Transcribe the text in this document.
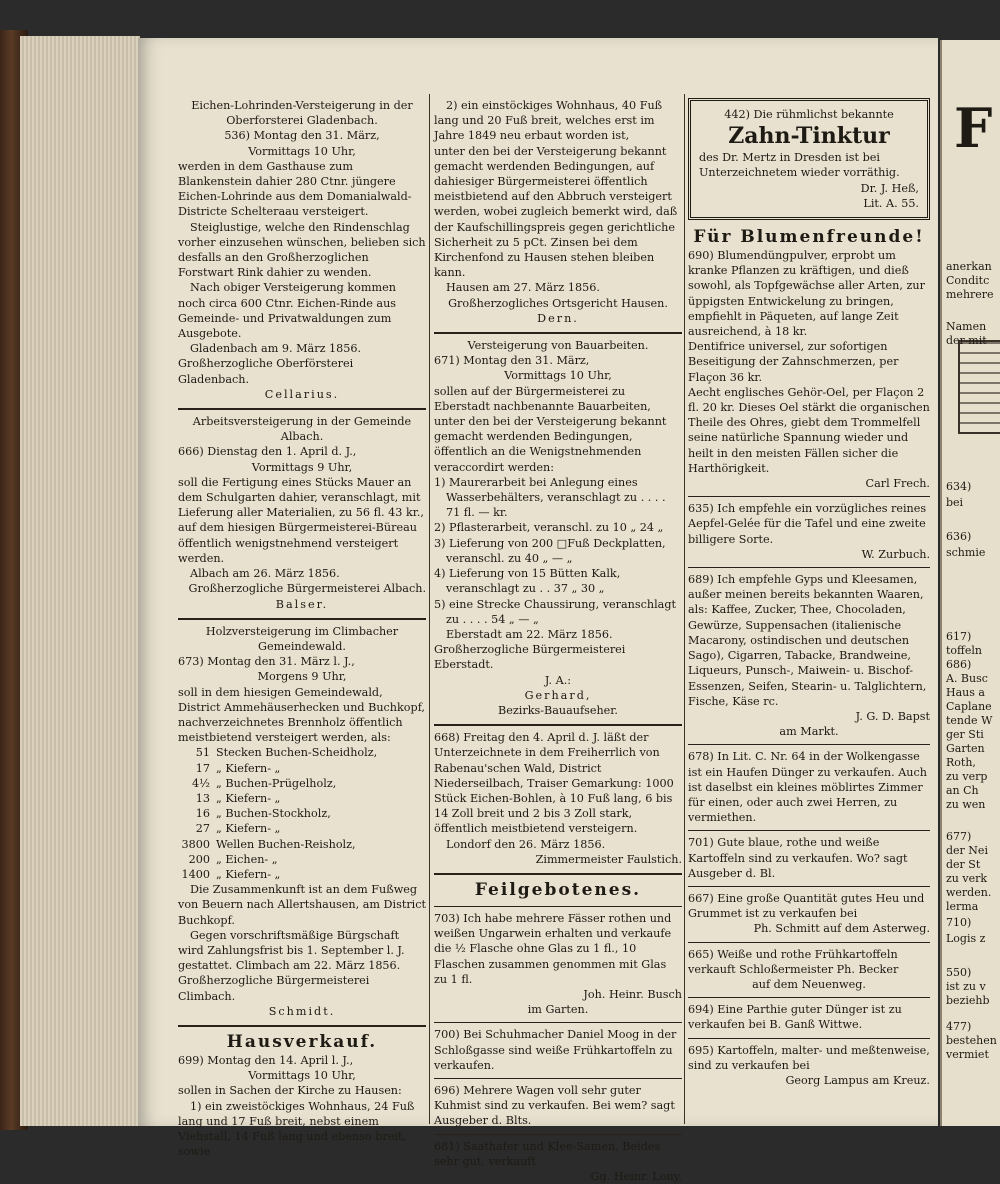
Eichen-Lohrinden-Versteigerung in der Oberforsterei Gladenbach.

536) Montag den 31. März,

Vormittags 10 Uhr,

werden in dem Gasthause zum Blankenstein dahier 280 Ctnr. jüngere Eichen-Lohrinde aus dem Domanialwald-Districte Schelteraau versteigert.

Steiglustige, welche den Rindenschlag vorher einzusehen wünschen, belieben sich desfalls an den Großherzoglichen Forstwart Rink dahier zu wenden.

Nach obiger Versteigerung kommen noch circa 600 Ctnr. Eichen-Rinde aus Gemeinde- und Privatwaldungen zum Ausgebote.

Gladenbach am 9. März 1856.

Großherzogliche Oberförsterei Gladenbach.

Cellarius.

Arbeitsversteigerung in der Gemeinde Albach.

666) Dienstag den 1. April d. J.,

Vormittags 9 Uhr,

soll die Fertigung eines Stücks Mauer an dem Schulgarten dahier, veranschlagt, mit Lieferung aller Materialien, zu 56 fl. 43 kr., auf dem hiesigen Bürgermeisterei-Büreau öffentlich wenigstnehmend versteigert werden.

Albach am 26. März 1856.

Großherzogliche Bürgermeisterei Albach.

Balser.

Holzversteigerung im Climbacher Gemeindewald.

673) Montag den 31. März l. J.,

Morgens 9 Uhr,

soll in dem hiesigen Gemeindewald, District Ammehäuserhecken und Buchkopf, nachverzeichnetes Brennholz öffentlich meistbietend versteigert werden, als:

51 Stecken Buchen-Scheidholz,
17 „ Kiefern- „
4½ „ Buchen-Prügelholz,
13 „ Kiefern- „
16 „ Buchen-Stockholz,
27 „ Kiefern- „
3800 Wellen Buchen-Reisholz,
200 „ Eichen- „
1400 „ Kiefern- „

Die Zusammenkunft ist an dem Fußweg von Beuern nach Allertshausen, am District Buchkopf.

Gegen vorschriftsmäßige Bürgschaft wird Zahlungsfrist bis 1. September l. J. gestattet. Climbach am 22. März 1856.

Großherzogliche Bürgermeisterei Climbach.

Schmidt.

Hausverkauf.

699) Montag den 14. April l. J.,

Vormittags 10 Uhr,

sollen in Sachen der Kirche zu Hausen:

1) ein zweistöckiges Wohnhaus, 24 Fuß lang und 17 Fuß breit, nebst einem Viehstall, 14 Fuß lang und ebenso breit, sowie

2) ein einstöckiges Wohnhaus, 40 Fuß lang und 20 Fuß breit, welches erst im Jahre 1849 neu erbaut worden ist,

unter den bei der Versteigerung bekannt gemacht werdenden Bedingungen, auf dahiesiger Bürgermeisterei öffentlich meistbietend auf den Abbruch versteigert werden, wobei zugleich bemerkt wird, daß der Kaufschillingspreis gegen gerichtliche Sicherheit zu 5 pCt. Zinsen bei dem Kirchenfond zu Hausen stehen bleiben kann.

Hausen am 27. März 1856.

Großherzogliches Ortsgericht Hausen.

Dern.

Versteigerung von Bauarbeiten.

671) Montag den 31. März,

Vormittags 10 Uhr,

sollen auf der Bürgermeisterei zu Eberstadt nachbenannte Bauarbeiten, unter den bei der Versteigerung bekannt gemacht werdenden Bedingungen, öffentlich an die Wenigstnehmenden veraccordirt werden:

1) Maurerarbeit bei Anlegung eines Wasserbehälters, veranschlagt zu . . . . 71 fl. — kr.

2) Pflasterarbeit, veranschl. zu 10 „ 24 „

3) Lieferung von 200 □Fuß Deckplatten, veranschl. zu 40 „ — „

4) Lieferung von 15 Bütten Kalk, veranschlagt zu . . 37 „ 30 „

5) eine Strecke Chaussirung, veranschlagt zu . . . . 54 „ — „

Eberstadt am 22. März 1856.

Großherzogliche Bürgermeisterei Eberstadt.

J. A.:

Gerhard,

Bezirks-Bauaufseher.

668) Freitag den 4. April d. J. läßt der Unterzeichnete in dem Freiherrlich von Rabenau'schen Wald, District Niederseilbach, Traiser Gemarkung: 1000 Stück Eichen-Bohlen, à 10 Fuß lang, 6 bis 14 Zoll breit und 2 bis 3 Zoll stark, öffentlich meistbietend versteigern.

Londorf den 26. März 1856.

Zimmermeister Faulstich.

Feilgebotenes.

703) Ich habe mehrere Fässer rothen und weißen Ungarwein erhalten und verkaufe die ½ Flasche ohne Glas zu 1 fl., 10 Flaschen zusammen genommen mit Glas zu 1 fl.

Joh. Heinr. Busch

im Garten.

700) Bei Schuhmacher Daniel Moog in der Schloßgasse sind weiße Frühkartoffeln zu verkaufen.

696) Mehrere Wagen voll sehr guter Kuhmist sind zu verkaufen. Bei wem? sagt Ausgeber d. Blts.

681) Saathafer und Klee-Samen, Beides sehr gut, verkauft

Gg. Heinr. Lony.

442) Die rühmlichst bekannte

Zahn-Tinktur

des Dr. Mertz in Dresden ist bei Unterzeichnetem wieder vorräthig.

Dr. J. Heß,

Lit. A. 55.

Für Blumenfreunde!

690) Blumendüngpulver, erprobt um kranke Pflanzen zu kräftigen, und dieß sowohl, als Topfgewächse aller Arten, zur üppigsten Entwickelung zu bringen, empfiehlt in Päqueten, auf lange Zeit ausreichend, à 18 kr.

Dentifrice universel, zur sofortigen Beseitigung der Zahnschmerzen, per Flaçon 36 kr.

Aecht englisches Gehör-Oel, per Flaçon 2 fl. 20 kr. Dieses Oel stärkt die organischen Theile des Ohres, giebt dem Trommelfell seine natürliche Spannung wieder und heilt in den meisten Fällen sicher die Harthörigkeit.

Carl Frech.

635) Ich empfehle ein vorzügliches reines Aepfel-Gelée für die Tafel und eine zweite billigere Sorte.

W. Zurbuch.

689) Ich empfehle Gyps und Kleesamen, außer meinen bereits bekannten Waaren, als: Kaffee, Zucker, Thee, Chocoladen, Gewürze, Suppensachen (italienische Macarony, ostindischen und deutschen Sago), Cigarren, Tabacke, Brandweine, Liqueurs, Punsch-, Maiwein- u. Bischof-Essenzen, Seifen, Stearin- u. Talglichtern, Fische, Käse rc.

J. G. D. Bapst

am Markt.

678) In Lit. C. Nr. 64 in der Wolkengasse ist ein Haufen Dünger zu verkaufen. Auch ist daselbst ein kleines möblirtes Zimmer für einen, oder auch zwei Herren, zu vermiethen.

701) Gute blaue, rothe und weiße Kartoffeln sind zu verkaufen. Wo? sagt Ausgeber d. Bl.

667) Eine große Quantität gutes Heu und Grummet ist zu verkaufen bei

Ph. Schmitt auf dem Asterweg.

665) Weiße und rothe Frühkartoffeln verkauft Schloßermeister Ph. Becker

auf dem Neuenweg.

694) Eine Parthie guter Dünger ist zu verkaufen bei B. Ganß Wittwe.

695) Kartoffeln, malter- und meßtenweise, sind zu verkaufen bei

Georg Lampus am Kreuz.

F
anerkan
Conditc
mehrere
Namen
der mit
634)
bei
636)
schmie
617)
toffeln
686)
A. Busc
Haus a
Caplane
tende W
ger Sti
Garten
Roth,
zu verp
an Ch
zu wen
677)
der Nei
der St
zu verk
werden.
lerma
710)
Logis z
550)
ist zu v
beziehb
477)
bestehen
vermiet
